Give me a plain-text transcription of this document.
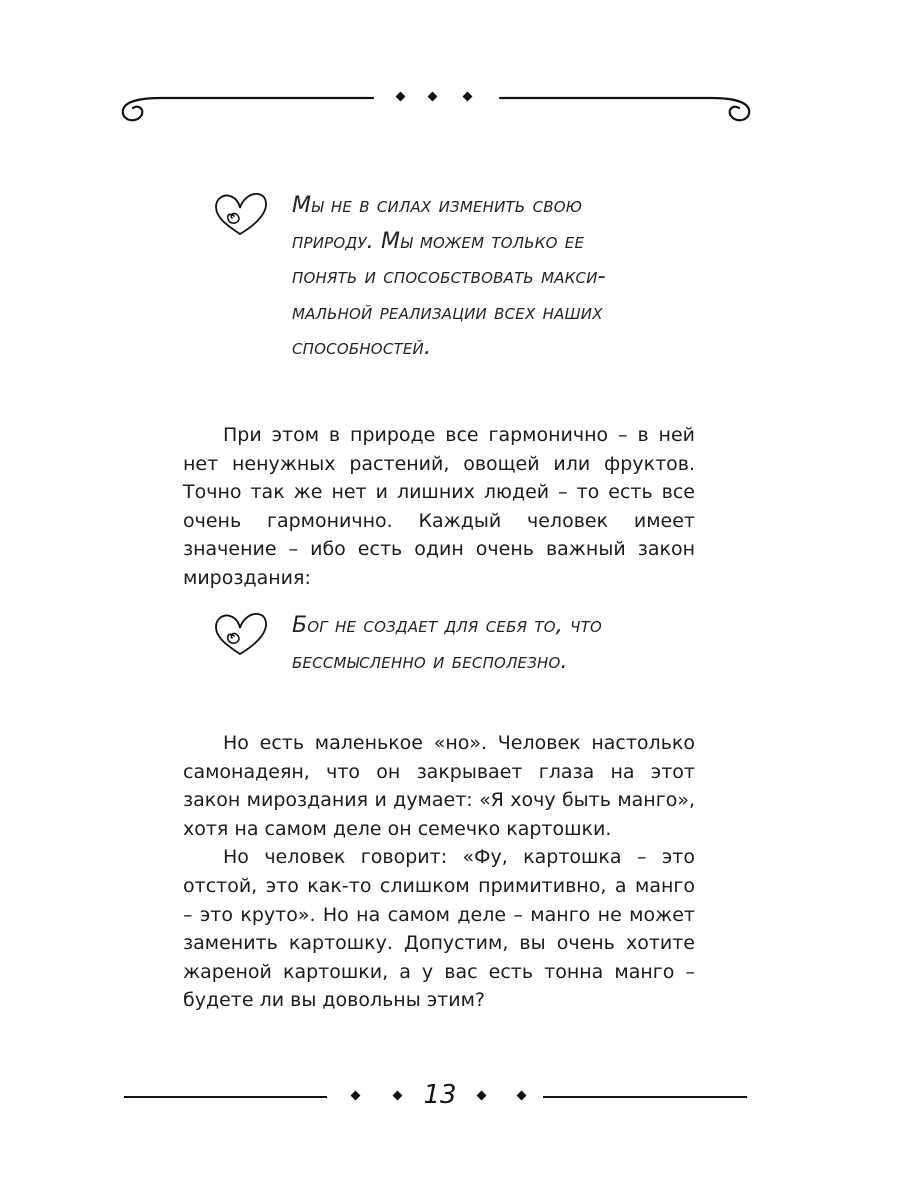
Мы не в силах изменить свою
природу. Мы можем только ее
понять и способствовать макси-
мальной реализации всех наших
способностей.

При этом в природе все гармонично – в ней нет ненужных растений, овощей или фруктов. Точно так же нет и лишних людей – то есть все очень гармонично. Каждый человек имеет значение – ибо есть один очень важный закон мироздания:

Бог не создает для себя то, что
бессмысленно и бесполезно.

Но есть маленькое «но». Человек настолько самонадеян, что он закрывает глаза на этот закон мироздания и думает: «Я хочу быть манго», хотя на самом деле он семечко картошки.

Но человек говорит: «Фу, картошка – это отстой, это как-то слишком примитивно, а манго – это круто». Но на самом деле – манго не может заменить картошку. Допустим, вы очень хотите жареной картошки, а у вас есть тонна манго – будете ли вы довольны этим?

13
